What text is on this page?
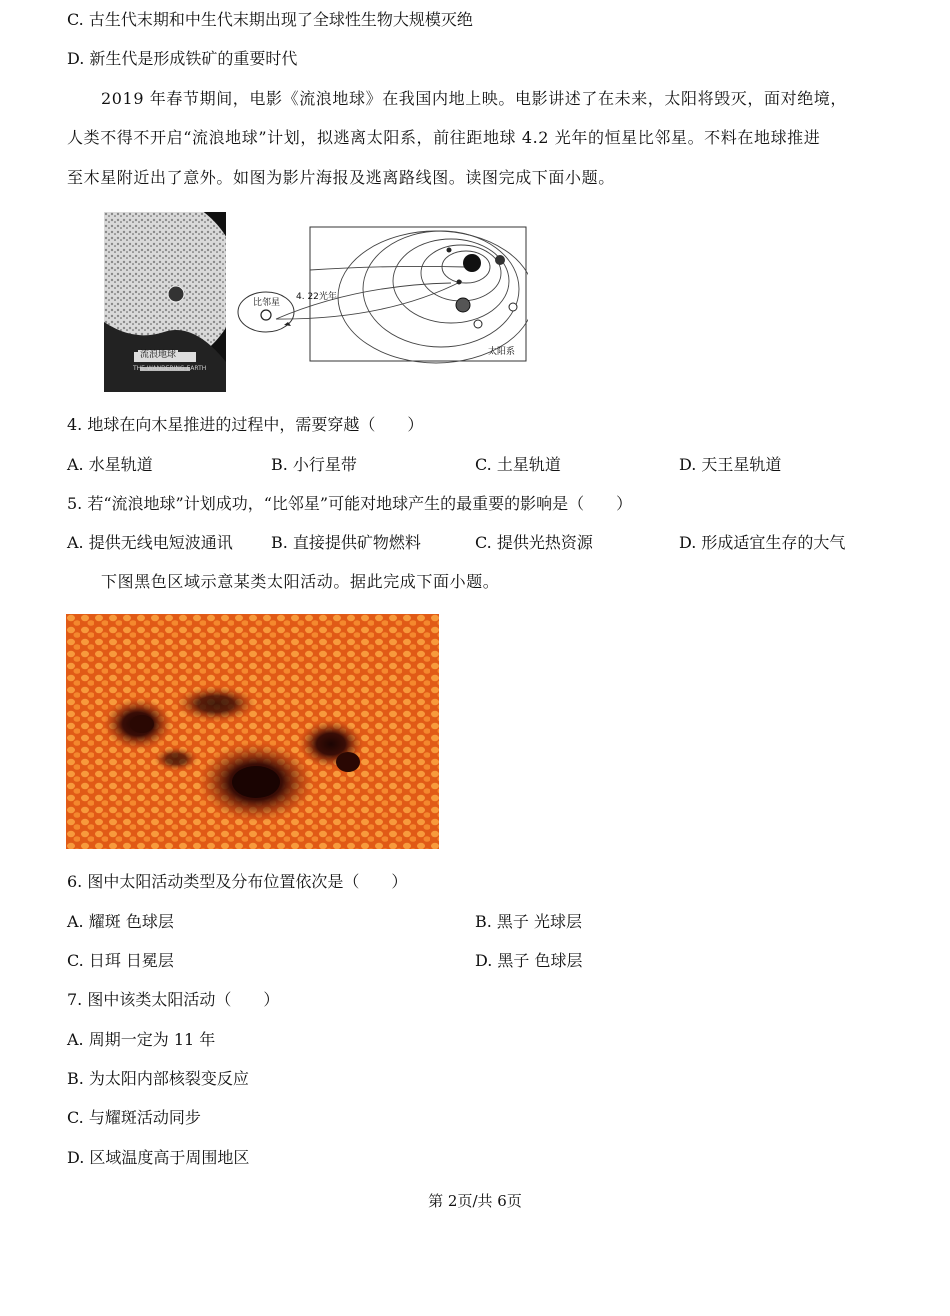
C. 古生代末期和中生代末期出现了全球性生物大规模灭绝
D. 新生代是形成铁矿的重要时代
2019 年春节期间，电影《流浪地球》在我国内地上映。电影讲述了在未来，太阳将毁灭，面对绝境，
人类不得不开启“流浪地球”计划，拟逃离太阳系，前往距地球 4.2 光年的恒星比邻星。不料在地球推进
至木星附近出了意外。如图为影片海报及逃离路线图。读图完成下面小题。
流浪地球
THE WANDERING EARTH
比邻星
4. 22光年
太阳系
4. 地球在向木星推进的过程中，需要穿越（　　）
A. 水星轨道	B. 小行星带	C. 土星轨道	D. 天王星轨道
5. 若“流浪地球”计划成功，“比邻星”可能对地球产生的最重要的影响是（　　）
A. 提供无线电短波通讯 B. 直接提供矿物燃料	C. 提供光热资源	D. 形成适宜生存的大气
下图黑色区域示意某类太阳活动。据此完成下面小题。
6. 图中太阳活动类型及分布位置依次是（　　）
A. 耀斑 色球层	B. 黑子 光球层
C. 日珥 日冕层	D. 黑子 色球层
7. 图中该类太阳活动（　　）
A. 周期一定为 11 年
B. 为太阳内部核裂变反应
C. 与耀斑活动同步
D. 区域温度高于周围地区
第 2页/共 6页
